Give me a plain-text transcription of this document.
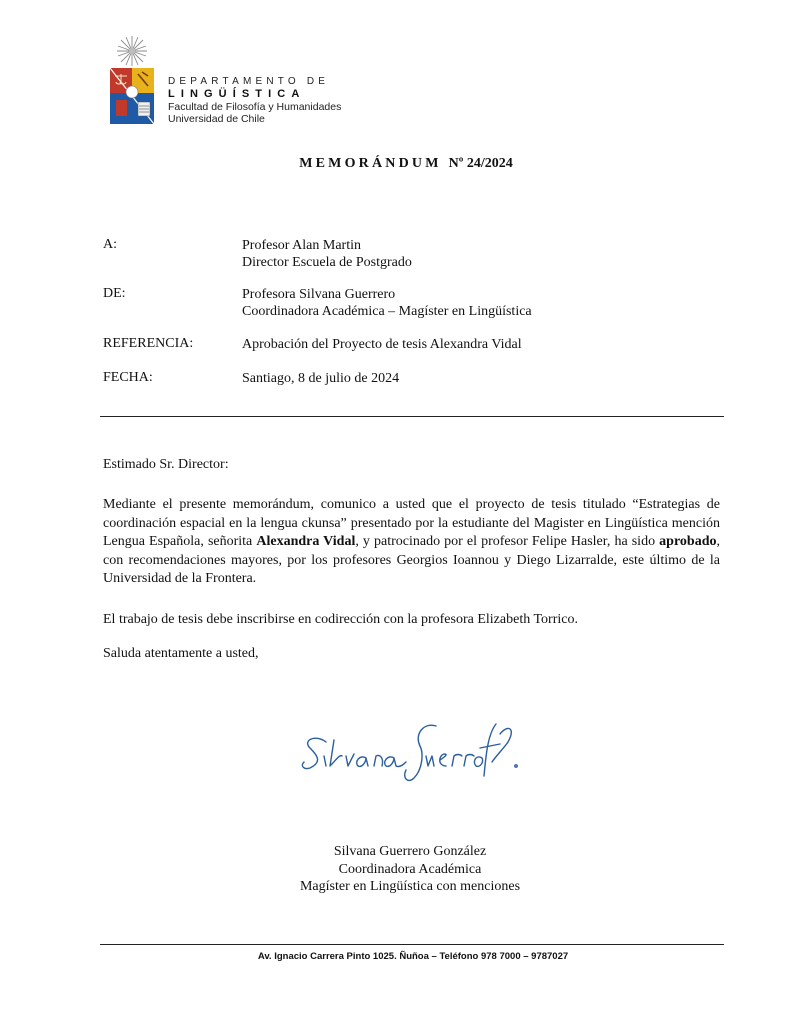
DEPARTAMENTO DE
LINGÜÍSTICA
Facultad de Filosofía y Humanidades
Universidad de Chile
MEMORÁNDUM Nº 24/2024
A:	Profesor Alan Martin
Director Escuela de Postgrado
DE:	Profesora Silvana Guerrero
Coordinadora Académica – Magíster en Lingüística
REFERENCIA:	Aprobación del Proyecto de tesis Alexandra Vidal
FECHA:	Santiago, 8 de julio de 2024
Estimado Sr. Director:
Mediante el presente memorándum, comunico a usted que el proyecto de tesis titulado “Estrategias de coordinación espacial en la lengua ckunsa” presentado por la estudiante del Magister en Lingüística mención Lengua Española, señorita Alexandra Vidal, y patrocinado por el profesor Felipe Hasler, ha sido aprobado, con recomendaciones mayores, por los profesores Georgios Ioannou y Diego Lizarralde, este último de la Universidad de la Frontera.
El trabajo de tesis debe inscribirse en codirección con la profesora Elizabeth Torrico.
Saluda atentamente a usted,
Silvana Guerrero González
Coordinadora Académica
Magíster en Lingüística con menciones
Av. Ignacio Carrera Pinto 1025. Ñuñoa – Teléfono 978 7000 – 9787027
